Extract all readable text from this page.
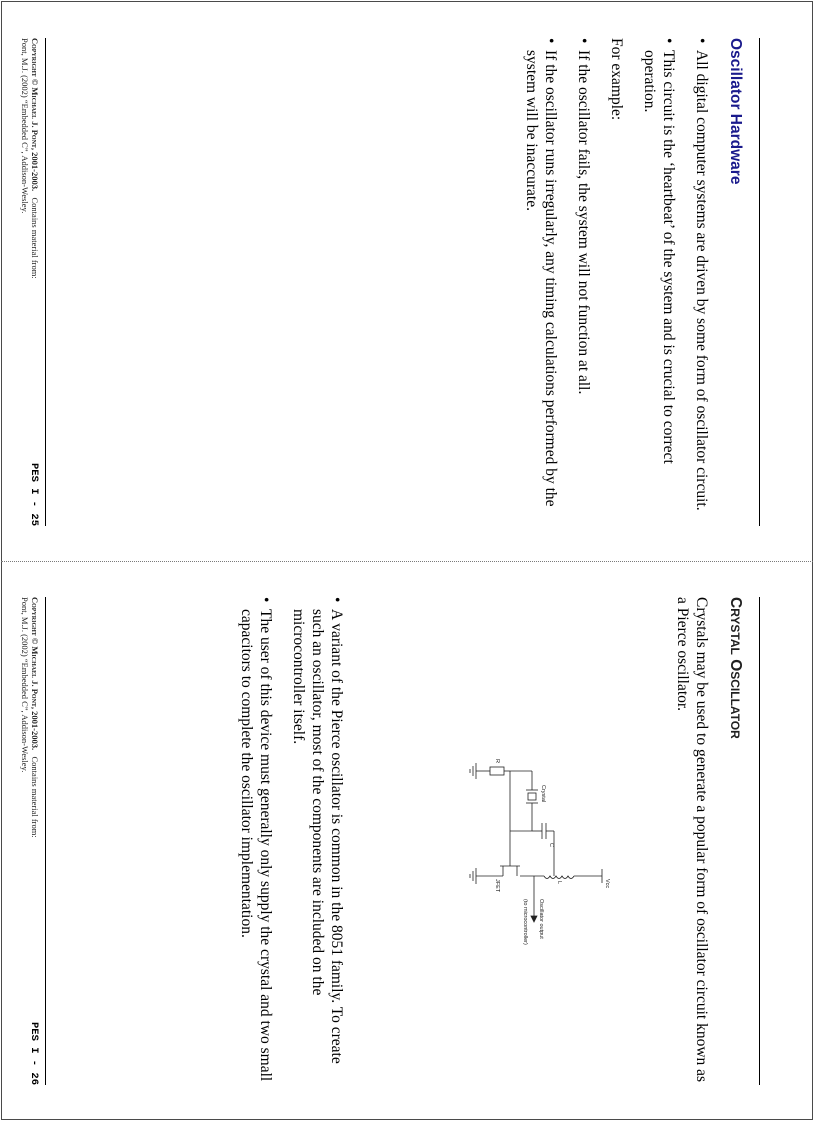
Oscillator Hardware
• All digital computer systems are driven by some form of oscillator circuit.
• This circuit is the ‘heartbeat’ of the system and is crucial to correct operation.

For example:

• If the oscillator fails, the system will not function at all.
• If the oscillator runs irregularly, any timing calculations performed by the system will be inaccurate.
Copyright © Michael J. Pont, 2001-2003.   Contains material from:
Pont, M.J. (2002) “Embedded C”, Addison-Wesley.
PES I - 25
CRYSTAL OSCILLATOR

Crystals may be used to generate a popular form of oscillator circuit known as a Pierce oscillator.

Vcc
L
C
Crystal
R
JFET
Oscillator output
(to microcontroller)
• A variant of the Pierce oscillator is common in the 8051 family. To create such an oscillator, most of the components are included on the microcontroller itself.
• The user of this device must generally only supply the crystal and two small capacitors to complete the oscillator implementation.
Copyright © Michael J. Pont, 2001-2003.   Contains material from:
Pont, M.J. (2002) “Embedded C”, Addison-Wesley.
PES I - 26
